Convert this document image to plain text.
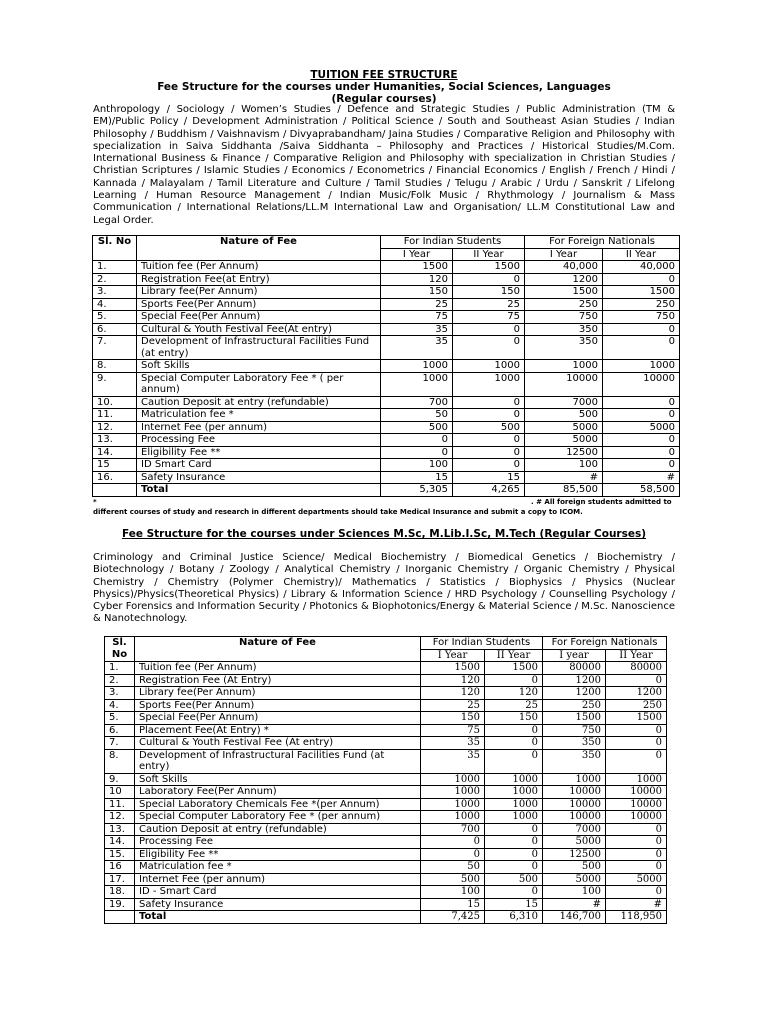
TUITION FEE STRUCTURE
Fee Structure for the courses under Humanities, Social Sciences, Languages
(Regular courses)
Anthropology / Sociology / Women’s Studies / Defence and Strategic Studies / Public Administration (TM & EM)/Public Policy / Development Administration / Political Science / South and Southeast Asian Studies / Indian Philosophy / Buddhism / Vaishnavism / Divyaprabandham/ Jaina Studies / Comparative Religion and Philosophy with specialization in Saiva Siddhanta /Saiva Siddhanta – Philosophy and Practices / Historical Studies/M.Com. International Business & Finance / Comparative Religion and Philosophy with specialization in Christian Studies / Christian Scriptures / Islamic Studies / Economics / Econometrics / Financial Economics / English / French / Hindi / Kannada / Malayalam / Tamil Literature and Culture / Tamil Studies / Telugu / Arabic / Urdu / Sanskrit / Lifelong Learning / Human Resource Management / Indian Music/Folk Music / Rhythmology / Journalism & Mass Communication / International Relations/LL.M International Law and Organisation/ LL.M Constitutional Law and Legal Order.
Sl. No	Nature of Fee	For Indian Students		For Foreign Nationals	
		I Year	II Year	I Year	II Year
1.	Tuition fee (Per Annum)	1500	1500	40,000	40,000
2.	Registration Fee(at Entry)	120	0	1200	0
3.	Library fee(Per Annum)	150	150	1500	1500
4.	Sports Fee(Per Annum)	25	25	250	250
5.	Special Fee(Per Annum)	75	75	750	750
6.	Cultural & Youth Festival Fee(At entry)	35	0	350	0
7.	Development of Infrastructural Facilities Fund (at entry)	35	0	350	0
8.	Soft Skills	1000	1000	1000	1000
9.	Special Computer Laboratory Fee * ( per annum)	1000	1000	10000	10000
10.	Caution Deposit at entry (refundable)	700	0	7000	0
11.	Matriculation fee *	50	0	500	0
12.	Internet Fee (per annum)	500	500	5000	5000
13.	Processing Fee	0	0	5000	0
14.	Eligibility Fee **	0	0	12500	0
15	ID Smart Card	100	0	100	0
16.	Safety Insurance	15	15	#	#
	Total	5,305	4,265	85,500	58,500
*	. # All foreign students admitted to
different courses of study and research in different departments should take Medical Insurance and submit a copy to ICOM.
Fee Structure for the courses under Sciences M.Sc, M.Lib.I.Sc, M.Tech (Regular Courses)
Criminology and Criminal Justice Science/ Medical Biochemistry / Biomedical Genetics / Biochemistry / Biotechnology / Botany / Zoology / Analytical Chemistry / Inorganic Chemistry / Organic Chemistry / Physical Chemistry / Chemistry (Polymer Chemistry)/ Mathematics / Statistics / Biophysics / Physics (Nuclear Physics)/Physics(Theoretical Physics) / Library & Information Science / HRD Psychology / Counselling Psychology / Cyber Forensics and Information Security / Photonics & Biophotonics/Energy & Material Science / M.Sc. Nanoscience & Nanotechnology.
Sl. No	Nature of Fee	For Indian Students		For Foreign Nationals	
		I Year	II Year	I year	II Year
1.	Tuition fee (Per Annum)	1500	1500	80000	80000
2.	Registration Fee (At Entry)	120	0	1200	0
3.	Library fee(Per Annum)	120	120	1200	1200
4.	Sports Fee(Per Annum)	25	25	250	250
5.	Special Fee(Per Annum)	150	150	1500	1500
6.	Placement Fee(At Entry) *	75	0	750	0
7.	Cultural & Youth Festival Fee (At entry)	35	0	350	0
8.	Development of Infrastructural Facilities Fund (at entry)	35	0	350	0
9.	Soft Skills	1000	1000	1000	1000
10	Laboratory Fee(Per Annum)	1000	1000	10000	10000
11.	Special Laboratory Chemicals Fee *(per Annum)	1000	1000	10000	10000
12.	Special Computer Laboratory Fee * (per annum)	1000	1000	10000	10000
13.	Caution Deposit at entry (refundable)	700	0	7000	0
14.	Processing Fee	0	0	5000	0
15.	Eligibility Fee **	0	0	12500	0
16	Matriculation fee *	50	0	500	0
17.	Internet Fee (per annum)	500	500	5000	5000
18.	ID - Smart Card	100	0	100	0
19.	Safety Insurance	15	15	#	#
	Total	7,425	6,310	146,700	118,950
